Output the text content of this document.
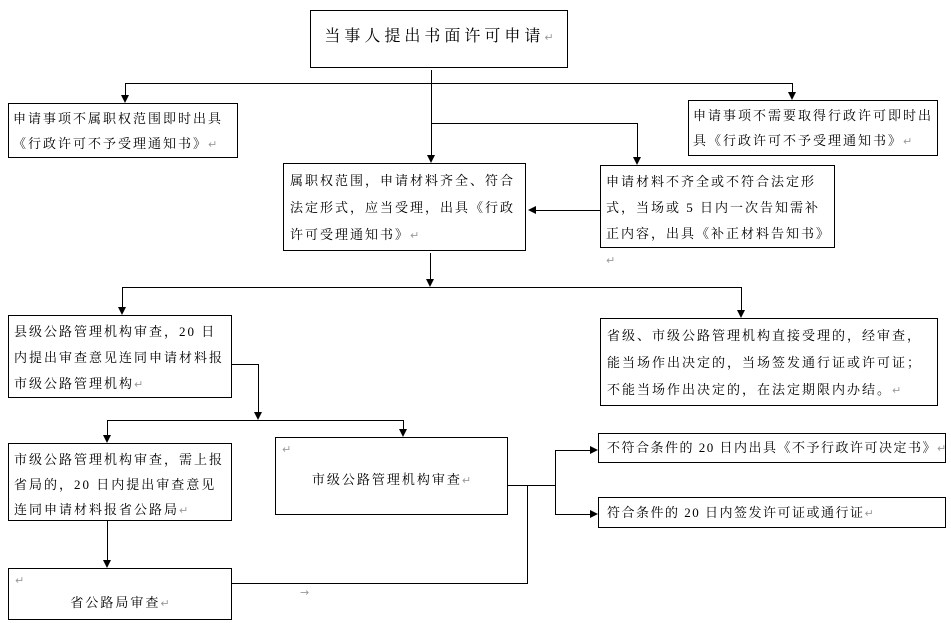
当事人提出书面许可申请↵
申请事项不属职权范围即时出具《行政许可不予受理通知书》↵
申请事项不需要取得行政许可即时出具《行政许可不予受理通知书》↵
属职权范围，申请材料齐全、符合法定形式，应当受理，出具《行政许可受理通知书》↵
申请材料不齐全或不符合法定形式，当场或 5 日内一次告知需补正内容，出具《补正材料告知书》↵
县级公路管理机构审查，20 日内提出审查意见连同申请材料报市级公路管理机构↵
省级、市级公路管理机构直接受理的，经审查，能当场作出决定的，当场签发通行证或许可证；不能当场作出决定的，在法定期限内办结。↵
市级公路管理机构审查，需上报省局的，20 日内提出审查意见连同申请材料报省公路局↵
↵
市级公路管理机构审查↵
不符合条件的 20 日内出具《不予行政许可决定书》↵
符合条件的 20 日内签发许可证或通行证↵
↵
省公路局审查↵
→
